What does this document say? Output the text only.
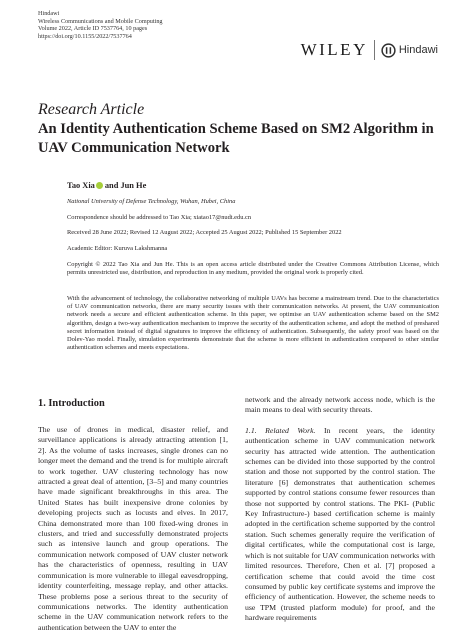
Hindawi
Wireless Communications and Mobile Computing
Volume 2022, Article ID 7537764, 10 pages
https://doi.org/10.1155/2022/7537764
WILEY	Hindawi
Research Article
An Identity Authentication Scheme Based on SM2 Algorithm in UAV Communication Network
Tao Xia and Jun He
National University of Defense Technology, Wuhan, Hubei, China
Correspondence should be addressed to Tao Xia; xiatao17@nudt.edu.cn
Received 28 June 2022; Revised 12 August 2022; Accepted 25 August 2022; Published 15 September 2022
Academic Editor: Kuruva Lakshmanna

Copyright © 2022 Tao Xia and Jun He. This is an open access article distributed under the Creative Commons Attribution License, which permits unrestricted use, distribution, and reproduction in any medium, provided the original work is properly cited.

With the advancement of technology, the collaborative networking of multiple UAVs has become a mainstream trend. Due to the characteristics of UAV communication networks, there are many security issues with their communication networks. At present, the UAV communication network needs a secure and efficient authentication scheme. In this paper, we optimise an UAV authentication scheme based on the SM2 algorithm, design a two-way authentication mechanism to improve the security of the authentication scheme, and adopt the method of preshared secret information instead of digital signatures to improve the efficiency of authentication. Subsequently, the safety proof was based on the Dolev-Yao model. Finally, simulation experiments demonstrate that the scheme is more efficient in authentication compared to other similar authentication schemes and meets expectations.

1. Introduction

The use of drones in medical, disaster relief, and surveillance applications is already attracting attention [1, 2]. As the volume of tasks increases, single drones can no longer meet the demand and the trend is for multiple aircraft to work together. UAV clustering technology has now attracted a great deal of attention, [3–5] and many countries have made significant breakthroughs in this area. The United States has built inexpensive drone colonies by developing projects such as locusts and elves. In 2017, China demonstrated more than 100 fixed-wing drones in clusters, and tried and successfully demonstrated projects such as intensive launch and group operations. The communication network composed of UAV cluster network has the characteristics of openness, resulting in UAV communication is more vulnerable to illegal eavesdropping, identity counterfeiting, message replay, and other attacks. These problems pose a serious threat to the security of communications networks. The identity authentication scheme in the UAV communication network refers to the authentication between the UAV to enter the

network and the already network access node, which is the main means to deal with security threats.

1.1. Related Work. In recent years, the identity authentication scheme in UAV communication network security has attracted wide attention. The authentication schemes can be divided into those supported by the control station and those not supported by the control station. The literature [6] demonstrates that authentication schemes supported by control stations consume fewer resources than those not supported by control stations. The PKI- (Public Key Infrastructure-) based certification scheme is mainly adopted in the certification scheme supported by the control station. Such schemes generally require the verification of digital certificates, while the computational cost is large, which is not suitable for UAV communication networks with limited resources. Therefore, Chen et al. [7] proposed a certification scheme that could avoid the time cost consumed by public key certificate systems and improve the efficiency of authentication. However, the scheme needs to use TPM (trusted platform module) for proof, and the hardware requirements
